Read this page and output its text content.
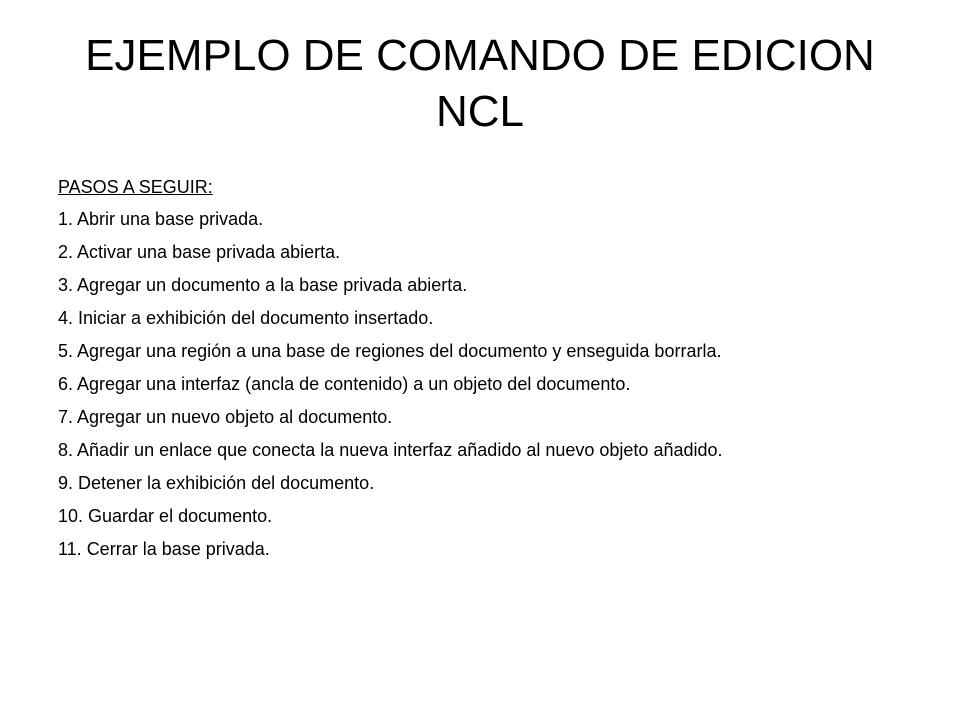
EJEMPLO DE COMANDO DE EDICION
NCL
PASOS A SEGUIR:
1. Abrir una base privada.
2. Activar una base privada abierta.
3. Agregar un documento a la base privada abierta.
4. Iniciar a exhibición del documento insertado.
5. Agregar una región a una base de regiones del documento y enseguida borrarla.
6. Agregar una interfaz (ancla de contenido) a un objeto del documento.
7. Agregar un nuevo objeto al documento.
8. Añadir un enlace que conecta la nueva interfaz añadido al nuevo objeto añadido.
9. Detener la exhibición del documento.
10. Guardar el documento.
11. Cerrar la base privada.
